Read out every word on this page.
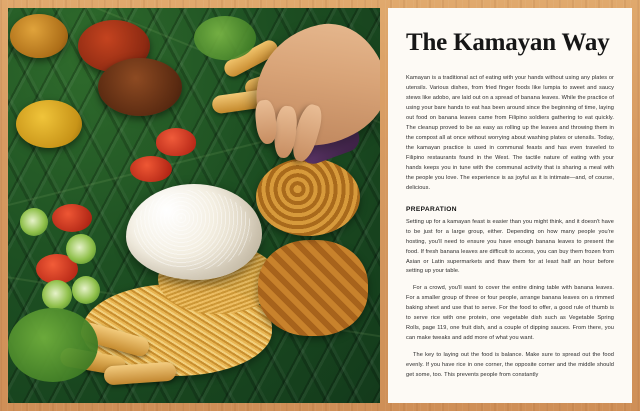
The Kamayan Way

Kamayan is a traditional act of eating with your hands without using any plates or utensils. Various dishes, from fried finger foods like lumpia to sweet and saucy stews like adobo, are laid out on a spread of banana leaves. While the practice of using your bare hands to eat has been around since the beginning of time, laying out food on banana leaves came from Filipino soldiers gathering to eat quickly. The cleanup proved to be as easy as rolling up the leaves and throwing them in the compost all at once without worrying about washing plates or utensils. Today, the kamayan practice is used in communal feasts and has even traveled to Filipino restaurants found in the West. The tactile nature of eating with your hands keeps you in tune with the communal activity that is sharing a meal with the people you love. The experience is as joyful as it is intimate—and, of course, delicious.

PREPARATION

Setting up for a kamayan feast is easier than you might think, and it doesn't have to be just for a large group, either. Depending on how many people you're hosting, you'll need to ensure you have enough banana leaves to present the food. If fresh banana leaves are difficult to access, you can buy them frozen from Asian or Latin supermarkets and thaw them for at least half an hour before setting up your table.

For a crowd, you'll want to cover the entire dining table with banana leaves. For a smaller group of three or four people, arrange banana leaves on a rimmed baking sheet and use that to serve. For the food to offer, a good rule of thumb is to serve rice with one protein, one vegetable dish such as Vegetable Spring Rolls, page 119, one fruit dish, and a couple of dipping sauces. From there, you can make tweaks and add more of what you want.

The key to laying out the food is balance. Make sure to spread out the food evenly. If you have rice in one corner, the opposite corner and the middle should get some, too. This prevents people from constantly
